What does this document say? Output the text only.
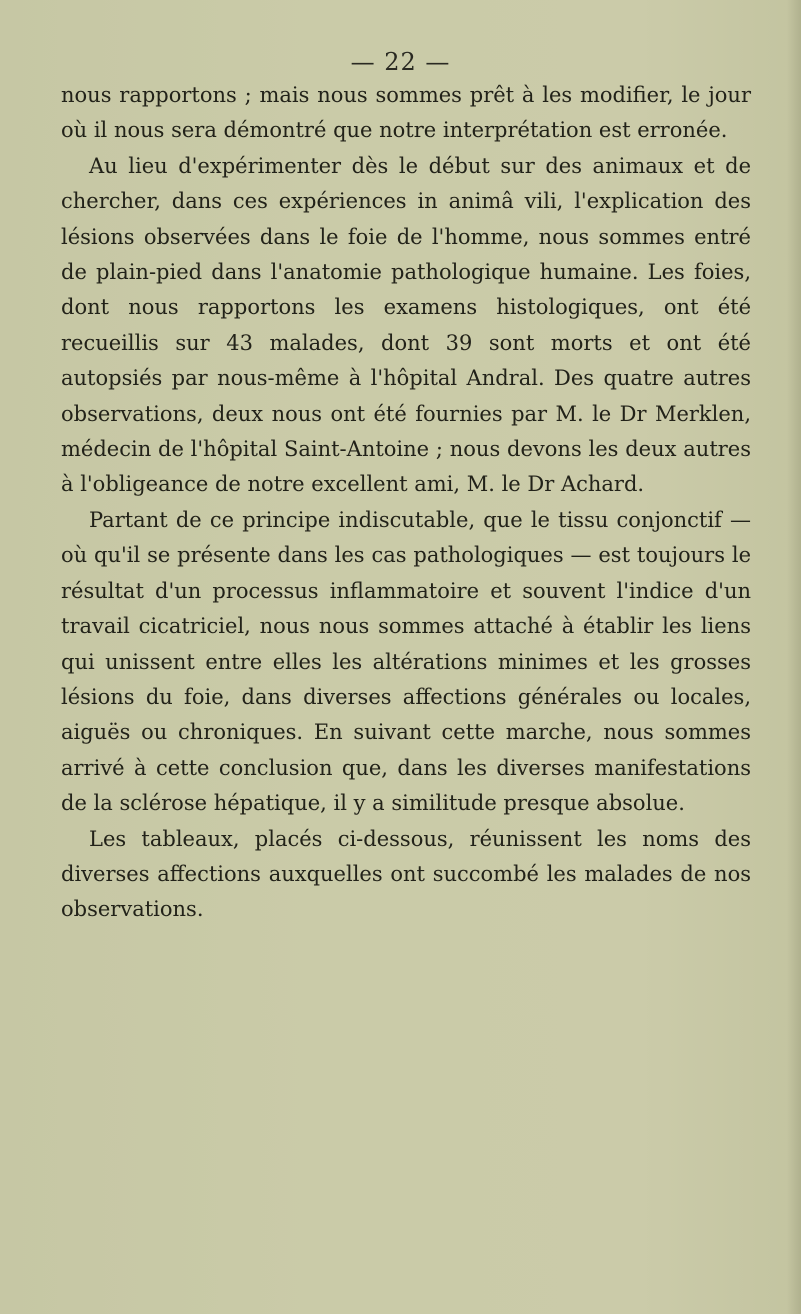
— 22 —

nous rapportons ; mais nous sommes prêt à les modifier, le jour où il nous sera démontré que notre interprétation est erronée.

Au lieu d'expérimenter dès le début sur des animaux et de chercher, dans ces expériences in animâ vili, l'explication des lésions observées dans le foie de l'homme, nous sommes entré de plain-pied dans l'anatomie pathologique humaine. Les foies, dont nous rapportons les examens histologiques, ont été recueillis sur 43 malades, dont 39 sont morts et ont été autopsiés par nous-même à l'hôpital Andral. Des quatre autres observations, deux nous ont été fournies par M. le Dr Merklen, médecin de l'hôpital Saint-Antoine ; nous devons les deux autres à l'obligeance de notre excellent ami, M. le Dr Achard.

Partant de ce principe indiscutable, que le tissu conjonctif — où qu'il se présente dans les cas pathologiques — est toujours le résultat d'un processus inflammatoire et souvent l'indice d'un travail cicatriciel, nous nous sommes attaché à établir les liens qui unissent entre elles les altérations minimes et les grosses lésions du foie, dans diverses affections générales ou locales, aiguës ou chroniques. En suivant cette marche, nous sommes arrivé à cette conclusion que, dans les diverses manifestations de la sclérose hépatique, il y a similitude presque absolue.

Les tableaux, placés ci-dessous, réunissent les noms des diverses affections auxquelles ont succombé les malades de nos observations.
